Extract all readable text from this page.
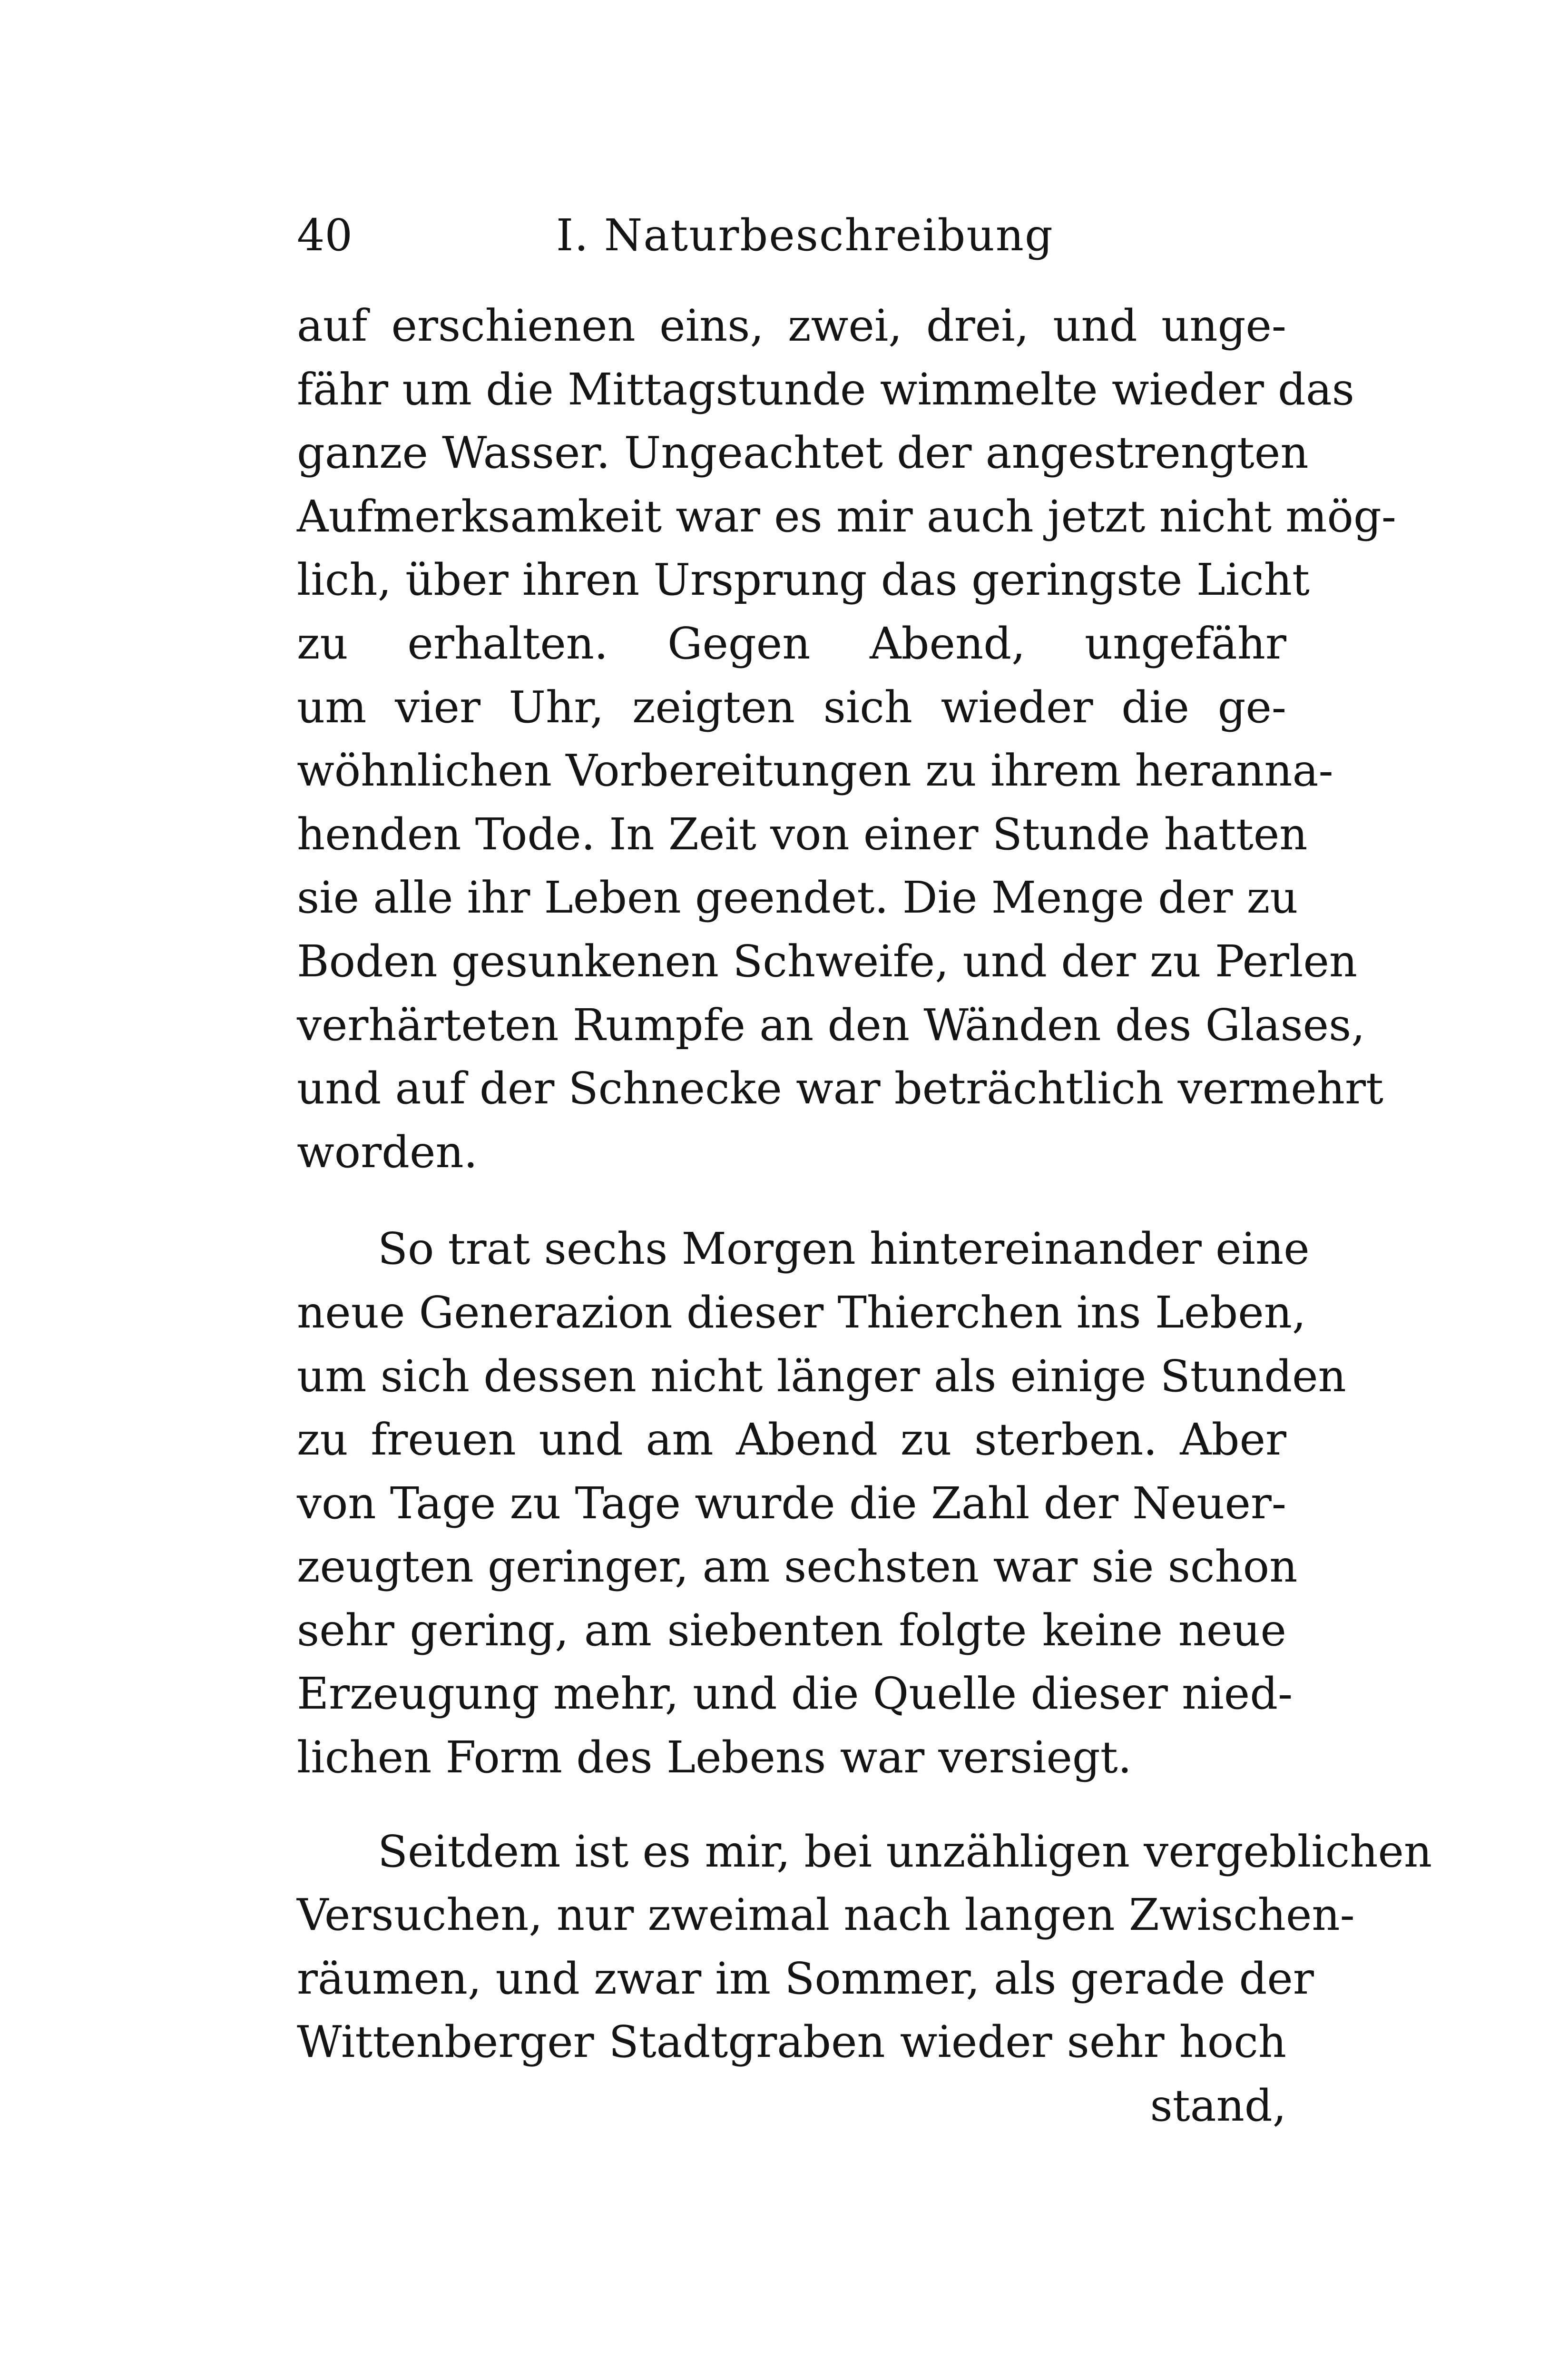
40	I. Naturbeschreibung
auf erschienen eins, zwei, drei, und unge-
fähr um die Mittagstunde wimmelte wieder das
ganze Wasser. Ungeachtet der angestrengten
Aufmerksamkeit war es mir auch jetzt nicht mög-
lich, über ihren Ursprung das geringste Licht
zu erhalten. Gegen Abend, ungefähr
um vier Uhr, zeigten sich wieder die ge-
wöhnlichen Vorbereitungen zu ihrem heranna-
henden Tode. In Zeit von einer Stunde hatten
sie alle ihr Leben geendet. Die Menge der zu
Boden gesunkenen Schweife, und der zu Perlen
verhärteten Rumpfe an den Wänden des Glases,
und auf der Schnecke war beträchtlich vermehrt
worden.
So trat sechs Morgen hintereinander eine
neue Generazion dieser Thierchen ins Leben,
um sich dessen nicht länger als einige Stunden
zu freuen und am Abend zu sterben. Aber
von Tage zu Tage wurde die Zahl der Neuer-
zeugten geringer, am sechsten war sie schon
sehr gering, am siebenten folgte keine neue
Erzeugung mehr, und die Quelle dieser nied-
lichen Form des Lebens war versiegt.
Seitdem ist es mir, bei unzähligen vergeblichen
Versuchen, nur zweimal nach langen Zwischen-
räumen, und zwar im Sommer, als gerade der
Wittenberger Stadtgraben wieder sehr hoch
stand,
